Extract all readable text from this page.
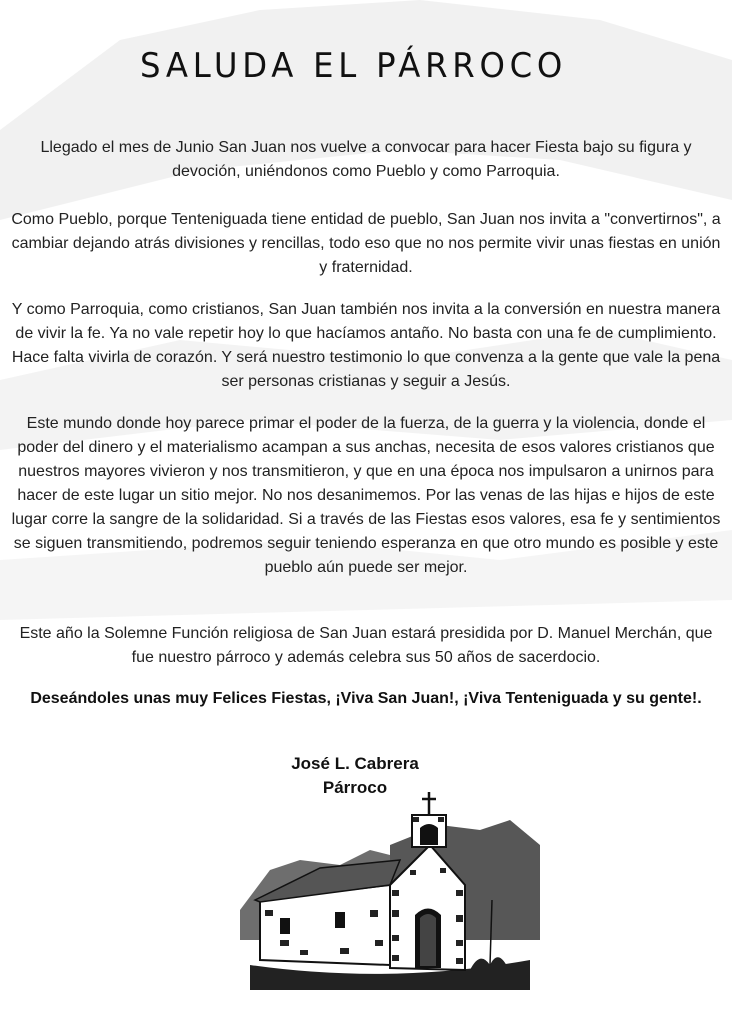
SALUDA EL PÁRROCO

Llegado el mes de Junio San Juan nos vuelve a convocar para hacer Fiesta bajo su figura y devoción, uniéndonos como Pueblo y como Parroquia.

Como Pueblo, porque Tenteniguada tiene entidad de pueblo, San Juan nos invita a "convertirnos", a cambiar dejando atrás divisiones y rencillas, todo eso que no nos permite vivir unas fiestas en unión y fraternidad.

Y como Parroquia, como cristianos, San Juan también nos invita a la conversión en nuestra manera de vivir la fe. Ya no vale repetir hoy lo que hacíamos antaño. No basta con una fe de cumplimiento. Hace falta vivirla de corazón. Y será nuestro testimonio lo que convenza a la gente que vale la pena ser personas cristianas y seguir a Jesús.

Este mundo donde hoy parece primar el poder de la fuerza, de la guerra y la violencia, donde el poder del dinero y el materialismo acampan a sus anchas, necesita de esos valores cristianos que nuestros mayores vivieron y nos transmitieron, y que en una época nos impulsaron a unirnos para hacer de este lugar un sitio mejor. No nos desanimemos. Por las venas de las hijas e hijos de este lugar corre la sangre de la solidaridad. Si a través de las Fiestas esos valores, esa fe y sentimientos se siguen transmitiendo, podremos seguir teniendo esperanza en que otro mundo es posible y este pueblo aún puede ser mejor.

Este año la Solemne Función religiosa de San Juan estará presidida por D. Manuel Merchán, que fue nuestro párroco y además celebra sus 50 años de sacerdocio.

Deseándoles unas muy Felices Fiestas, ¡Viva San Juan!, ¡Viva Tenteniguada y su gente!.

José L. Cabrera

Párroco
